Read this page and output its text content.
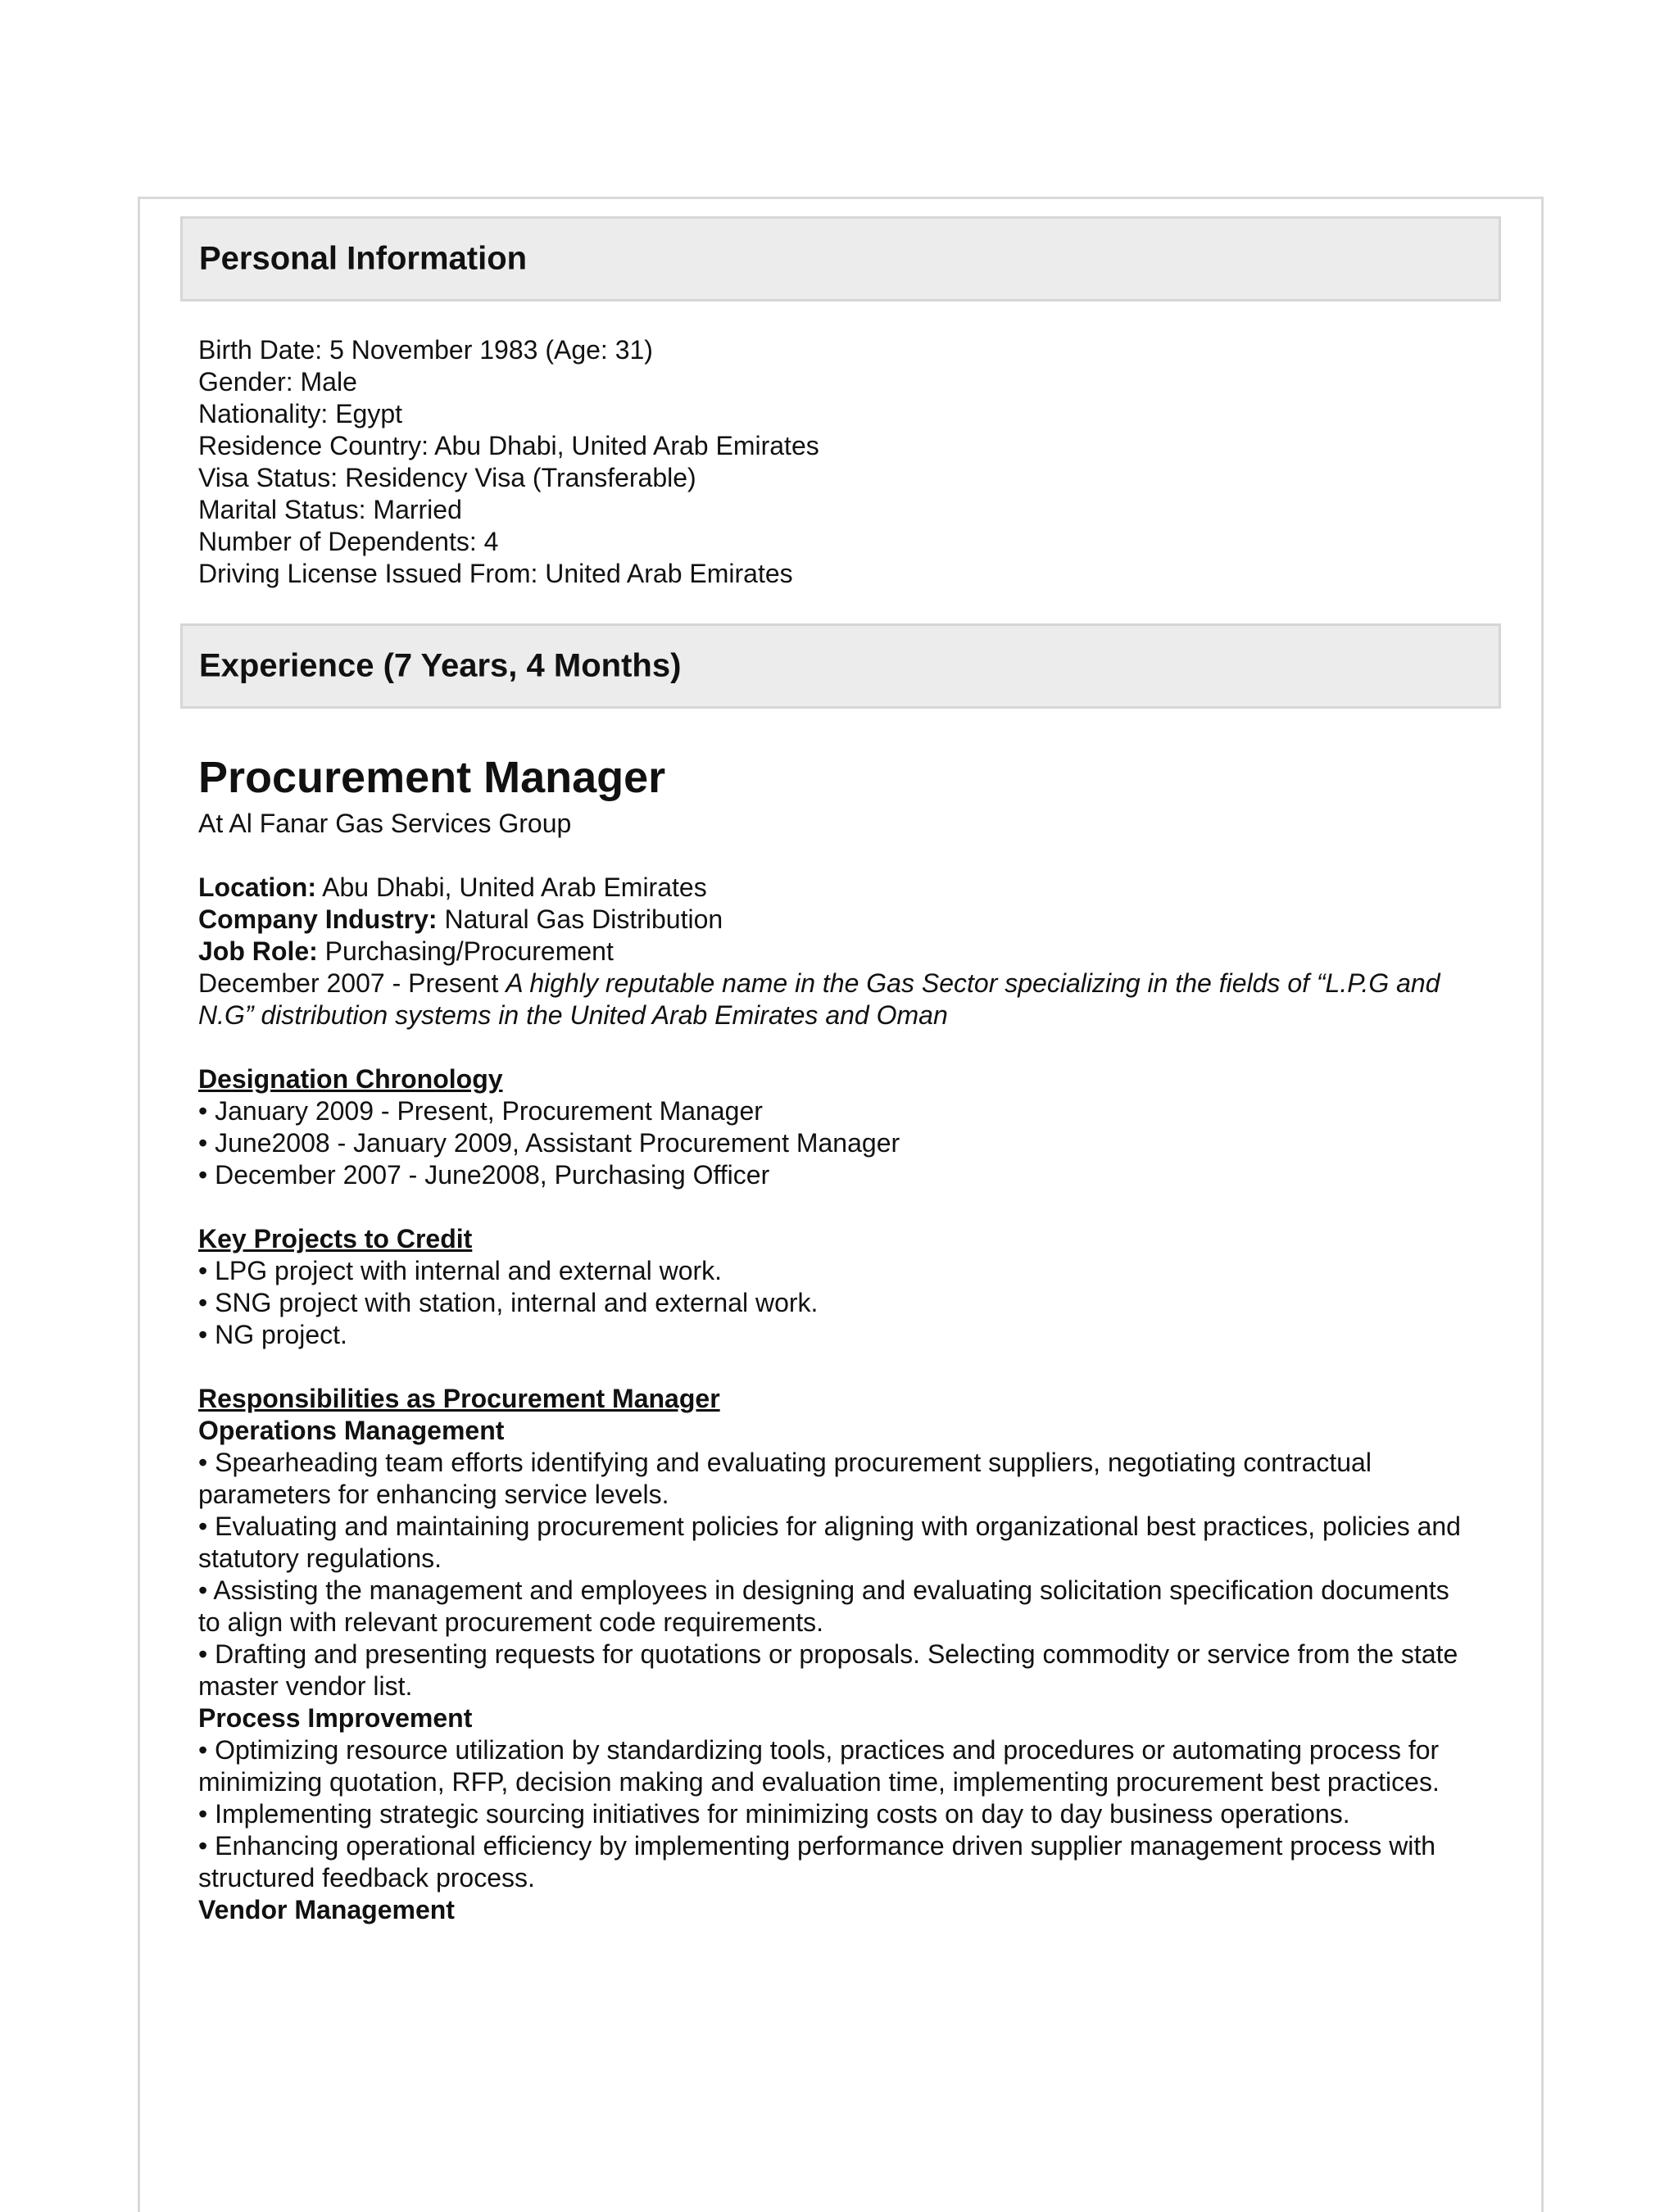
Personal Information
Birth Date: 5 November 1983 (Age: 31)
Gender: Male
Nationality: Egypt
Residence Country: Abu Dhabi, United Arab Emirates
Visa Status: Residency Visa (Transferable)
Marital Status: Married
Number of Dependents: 4
Driving License Issued From: United Arab Emirates
Experience (7 Years, 4 Months)
Procurement Manager
At Al Fanar Gas Services Group
Location: Abu Dhabi, United Arab Emirates
Company Industry: Natural Gas Distribution
Job Role: Purchasing/Procurement
December 2007 - Present A highly reputable name in the Gas Sector specializing in the fields of “L.P.G and N.G” distribution systems in the United Arab Emirates and Oman
Designation Chronology
• January 2009 - Present, Procurement Manager
• June2008 - January 2009, Assistant Procurement Manager
• December 2007 - June2008, Purchasing Officer
Key Projects to Credit
• LPG project with internal and external work.
• SNG project with station, internal and external work.
• NG project.
Responsibilities as Procurement Manager
Operations Management
• Spearheading team efforts identifying and evaluating procurement suppliers, negotiating contractual parameters for enhancing service levels.
• Evaluating and maintaining procurement policies for aligning with organizational best practices, policies and statutory regulations.
• Assisting the management and employees in designing and evaluating solicitation specification documents to align with relevant procurement code requirements.
• Drafting and presenting requests for quotations or proposals. Selecting commodity or service from the state master vendor list.
Process Improvement
• Optimizing resource utilization by standardizing tools, practices and procedures or automating process for minimizing quotation, RFP, decision making and evaluation time, implementing procurement best practices.
• Implementing strategic sourcing initiatives for minimizing costs on day to day business operations.
• Enhancing operational efficiency by implementing performance driven supplier management process with structured feedback process.
Vendor Management
